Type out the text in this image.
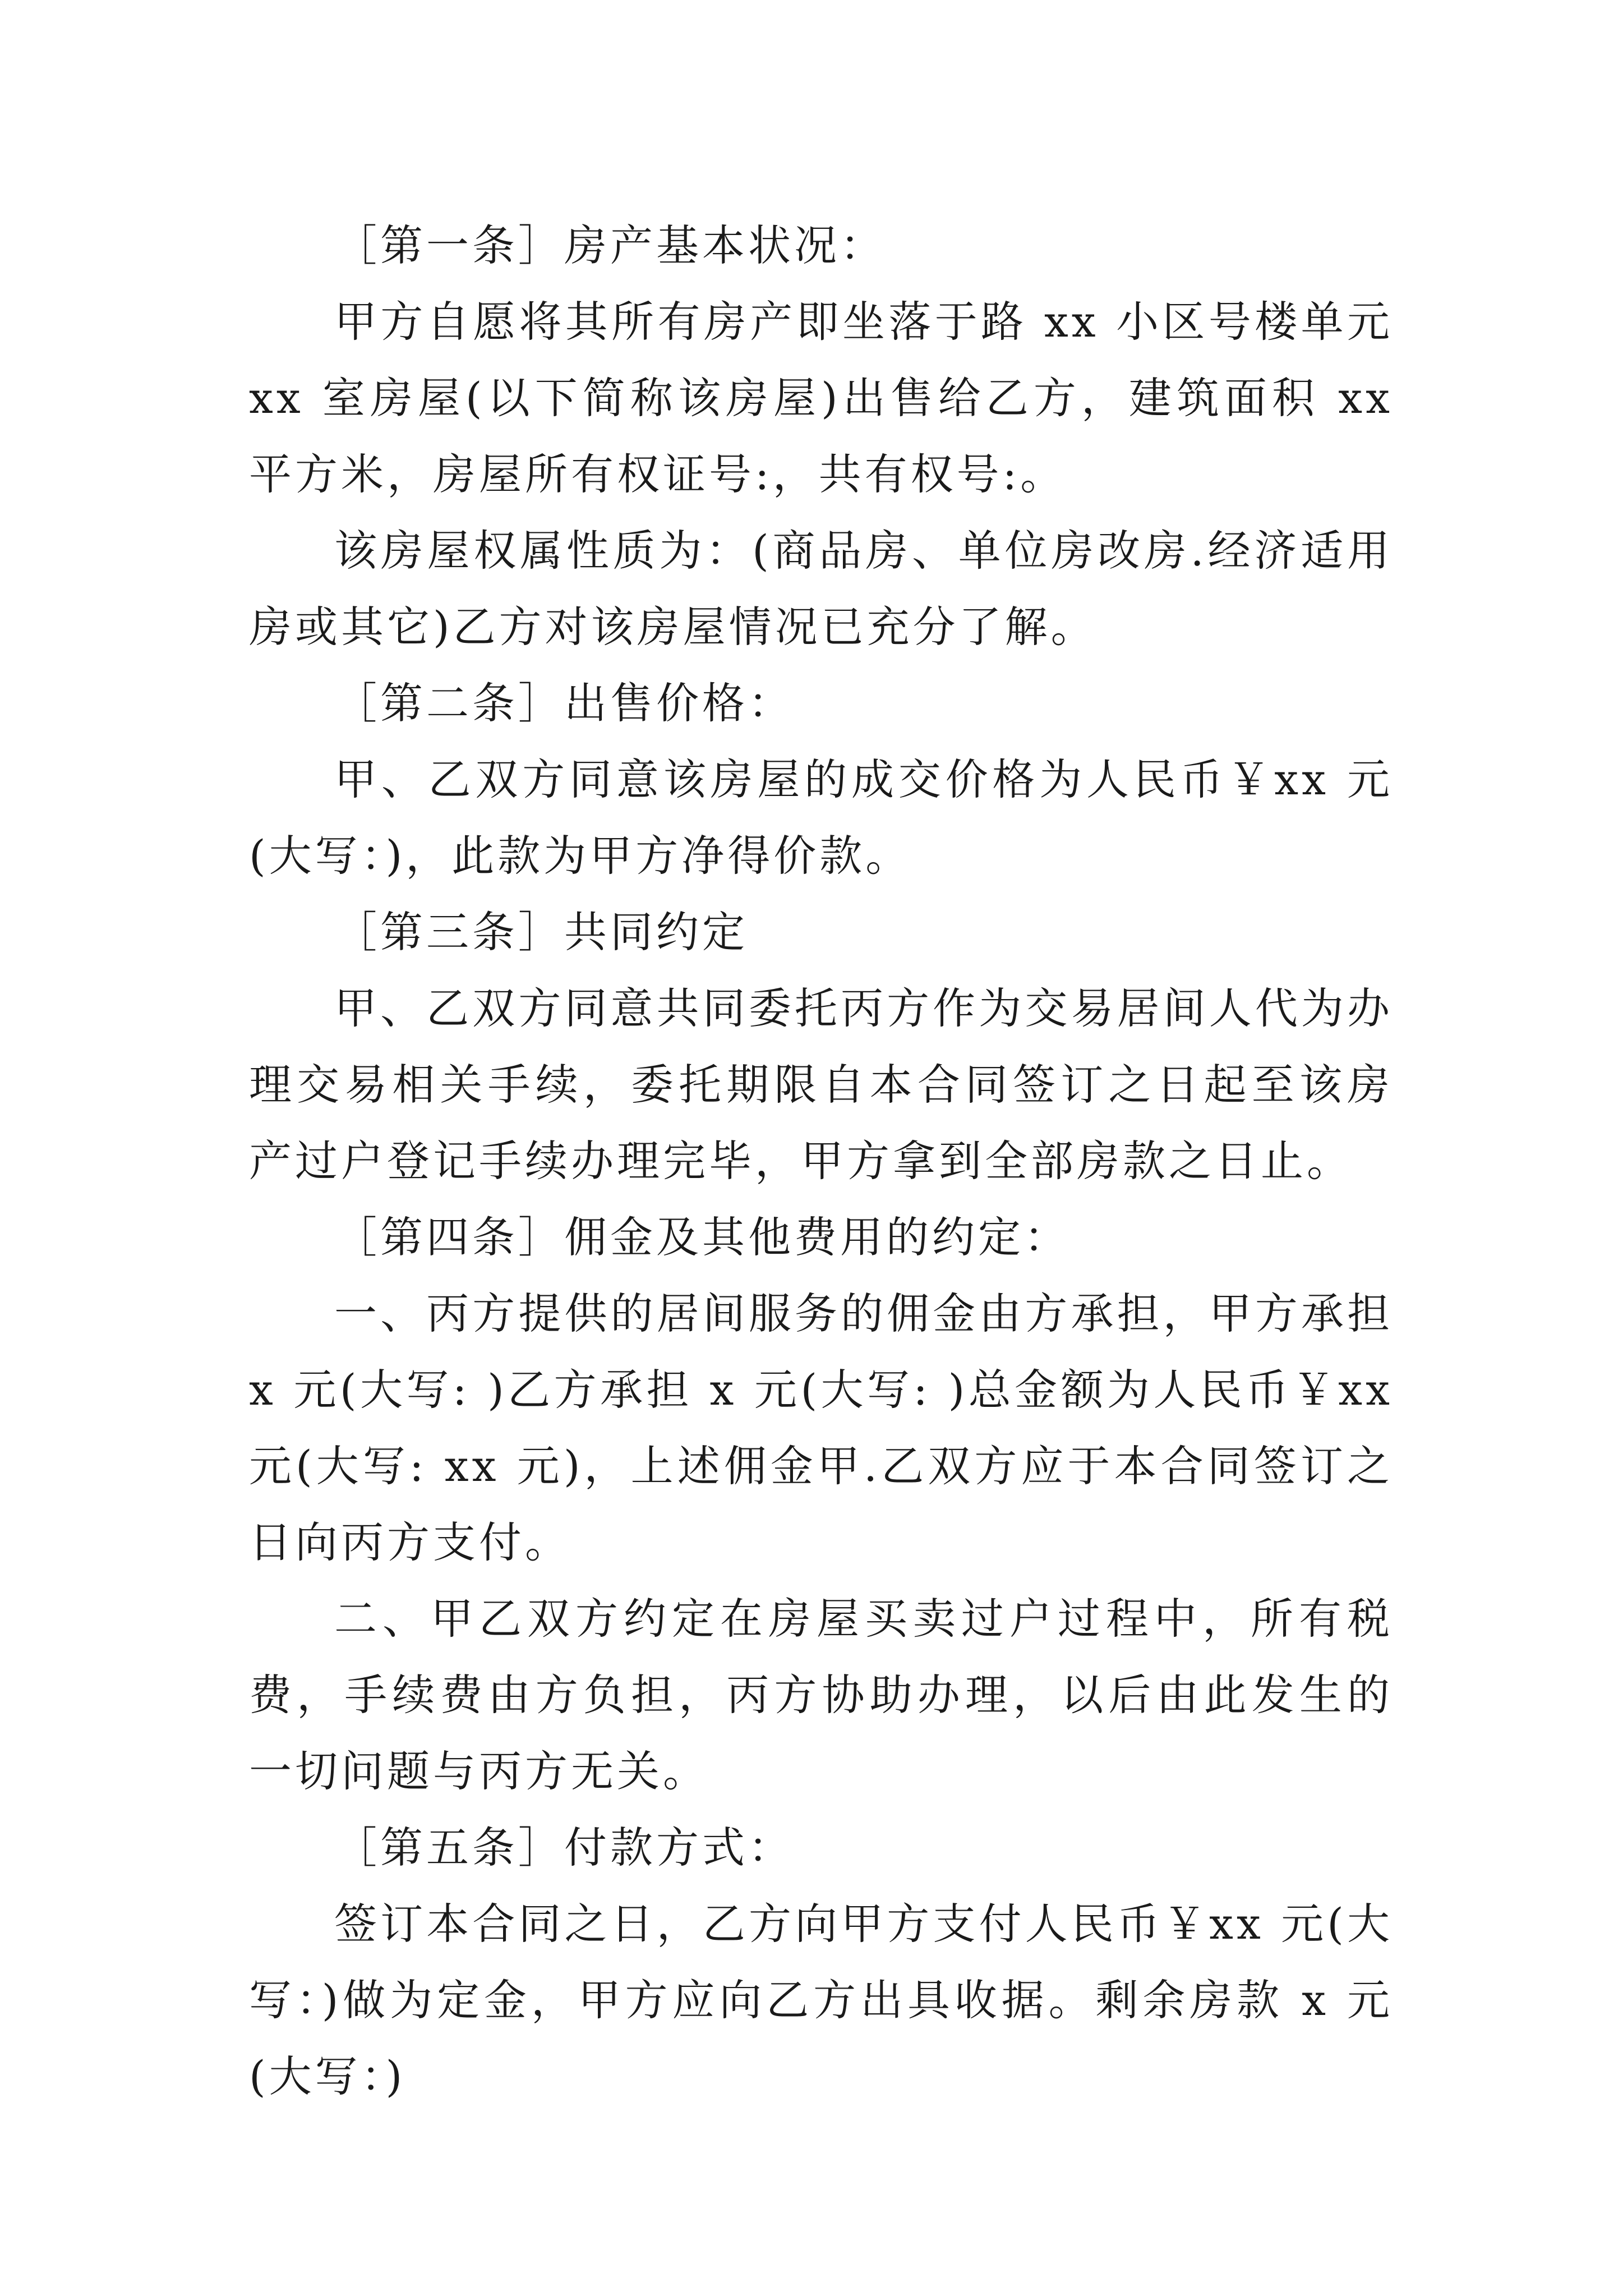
［第一条］房产基本状况：

甲方自愿将其所有房产即坐落于路 xx 小区号楼单元 xx 室房屋(以下简称该房屋)出售给乙方，建筑面积 xx 平方米，房屋所有权证号:，共有权号:。

该房屋权属性质为：(商品房、单位房改房.经济适用房或其它)乙方对该房屋情况已充分了解。

［第二条］出售价格：

甲、乙双方同意该房屋的成交价格为人民币￥xx 元(大写：)，此款为甲方净得价款。

［第三条］共同约定

甲、乙双方同意共同委托丙方作为交易居间人代为办理交易相关手续，委托期限自本合同签订之日起至该房产过户登记手续办理完毕，甲方拿到全部房款之日止。

［第四条］佣金及其他费用的约定：

一、丙方提供的居间服务的佣金由方承担，甲方承担 x 元(大写: )乙方承担 x 元(大写: )总金额为人民币￥xx 元(大写: xx 元)，上述佣金甲.乙双方应于本合同签订之日向丙方支付。

二、甲乙双方约定在房屋买卖过户过程中，所有税费，手续费由方负担，丙方协助办理，以后由此发生的一切问题与丙方无关。

［第五条］付款方式：

签订本合同之日，乙方向甲方支付人民币￥xx 元(大写：)做为定金，甲方应向乙方出具收据。剩余房款 x 元(大写：)
